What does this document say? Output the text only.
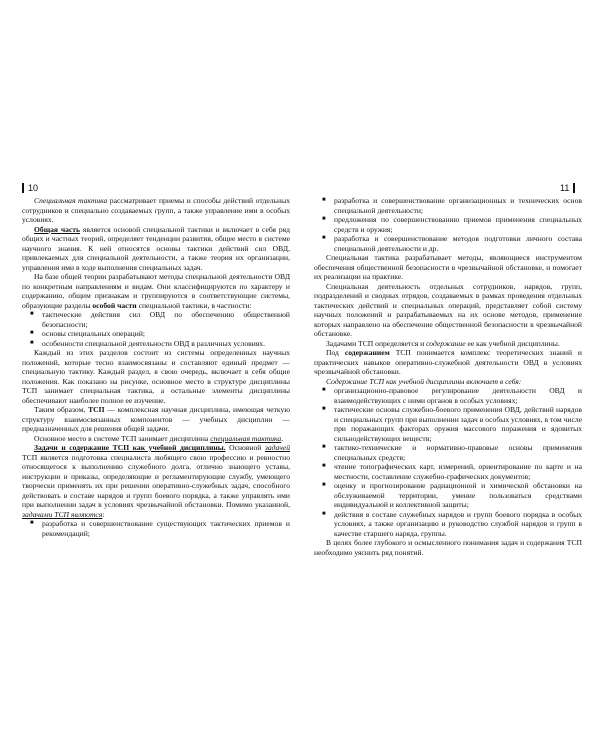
10

Специальная тактика рассматривает приемы и способы действий отдельных сотрудников и специально создаваемых групп, а также управление ими в особых условиях.

Общая часть является основой специальной тактики и включает в себя ряд общих и частных теорий, определяет тенденции развития, общее место в системе научного знания. К ней относятся основы тактики действий сил ОВД, привлекаемых для специальной деятельности, а также теория их организации, управления ими в ходе выполнения специальных задач.

На базе общей теории разрабатывают методы специальной деятельности ОВД по конкретным направлениям и видам. Они классифицируются по характеру и содержанию, общим признакам и группируются в соответствующие системы, образующие разделы особой части специальной тактики, в частности:

■ тактические действия сил ОВД по обеспечению общественной безопасности;
■ основы специальных операций;
■ особенности специальной деятельности ОВД в различных условиях.

Каждый из этих разделов состоит из системы определенных научных положений, которые тесно взаимосвязаны и составляют единый предмет — специальную тактику. Каждый раздел, в свою очередь, включает в себя общие положения. Как показано на рисунке, основное место в структуре дисциплины ТСП занимает специальная тактика, а остальные элементы дисциплины обеспечивают наиболее полное ее изучение.

Таким образом, ТСП — комплексная научная дисциплина, имеющая четкую структуру взаимосвязанных компонентов — учебных дисциплин — предназначенных для решения общей задачи.

Основное место в системе ТСП занимает дисциплина специальная тактика.

Задачи и содержание ТСП как учебной дисциплины. Основной задачей ТСП является подготовка специалиста любящего свою профессию и ревностно относящегося к выполнению служебного долга, отлично знающего уставы, инструкции и приказы, определяющие и регламентирующие службу, умеющего творчески применять их при решении оперативно-служебных задач, способного действовать в составе нарядов и групп боевого порядка, а также управлять ими при выполнении задач в условиях чрезвычайной обстановки. Помимо указанной, задачами ТСП являются:

■ разработка и совершенствование существующих тактических приемов и рекомендаций;
11
■ разработка и совершенствование организационных и технических основ специальной деятельности;
■ предложения по совершенствованию приемов применения специальных средств и оружия;
■ разработка и совершенствование методов подготовки личного состава специальной деятельности и др.

Специальная тактика разрабатывает методы, являющиеся инструментом обеспечения общественной безопасности в чрезвычайной обстановке, и помогает их реализации на практике.

Специальная деятельность отдельных сотрудников, нарядов, групп, подразделений и сводных отрядов, создаваемых в рамках проведения отдельных тактических действий и специальных операций, представляет собой систему научных положений и разрабатываемых на их основе методов, применение которых направлено на обеспечение общественной безопасности в чрезвычайной обстановке.

Задачами ТСП определяется и содержание ее как учебной дисциплины.

Под содержанием ТСП понимается комплекс теоретических знаний и практических навыков оперативно-служебной деятельности ОВД в условиях чрезвычайной обстановки.

Содержание ТСП как учебной дисциплины включает в себя:

■ организационно-правовое регулирование деятельности ОВД и взаимодействующих с ними органов в особых условиях;
■ тактические основы служебно-боевого применения ОВД, действий нарядов и специальных групп при выполнении задач в особых условиях, в том числе при поражающих факторах оружия массового поражения и ядовитых сильнодействующих веществ;
■ тактико-технические и нормативно-правовые основы применения специальных средств;
■ чтение топографических карт, измерений, ориентирование по карте и на местности, составление служебно-графических документов;
■ оценку и прогнозирование радиационной и химической обстановки на обслуживаемой территории, умение пользоваться средствами индивидуальной и коллективной защиты;
■ действия в составе служебных нарядов и групп боевого порядка в особых условиях, а также организацию и руководство службой нарядов и групп в качестве старшего наряда, группы.

В целях более глубокого и осмысленного понимания задач и содержания ТСП необходимо уяснить ряд понятий.
